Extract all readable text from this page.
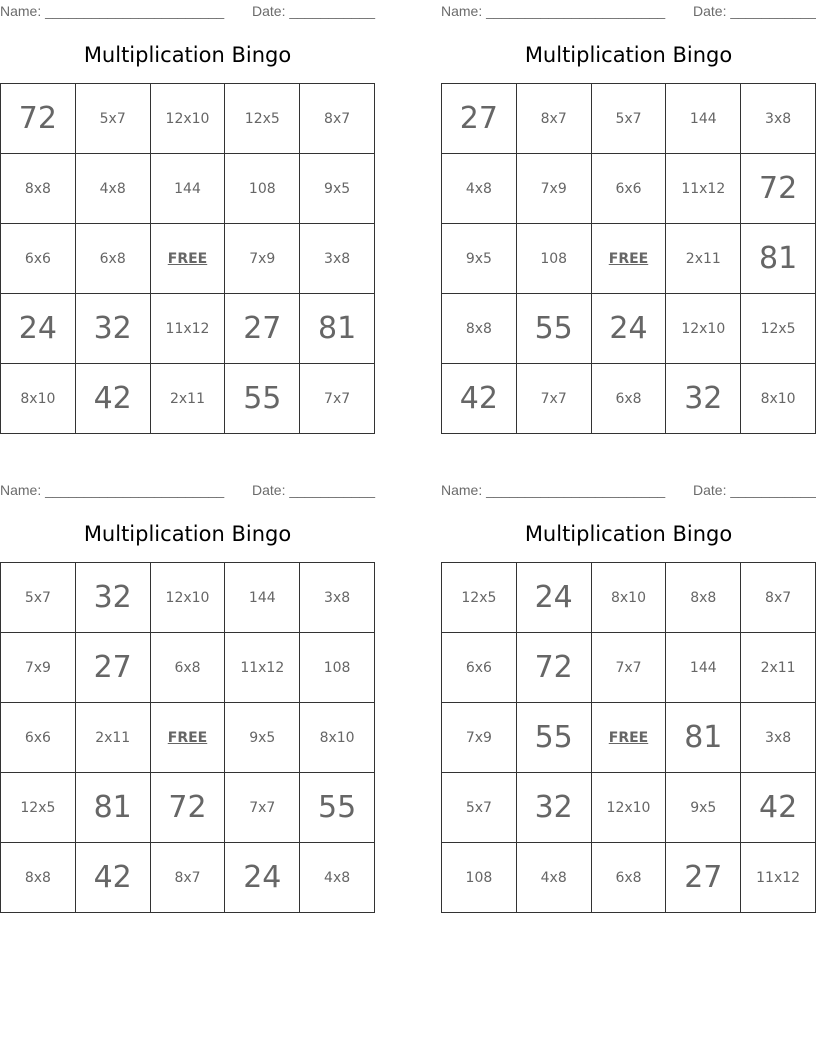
Name: _______________________ Date: ___________
Multiplication Bingo
72	5x7	12x10	12x5	8x7
8x8	4x8	144	108	9x5
6x6	6x8	FREE	7x9	3x8
24	32	11x12	27	81
8x10	42	2x11	55	7x7
Name: _______________________ Date: ___________
Multiplication Bingo
27	8x7	5x7	144	3x8
4x8	7x9	6x6	11x12	72
9x5	108	FREE	2x11	81
8x8	55	24	12x10	12x5
42	7x7	6x8	32	8x10
Name: _______________________ Date: ___________
Multiplication Bingo
5x7	32	12x10	144	3x8
7x9	27	6x8	11x12	108
6x6	2x11	FREE	9x5	8x10
12x5	81	72	7x7	55
8x8	42	8x7	24	4x8
Name: _______________________ Date: ___________
Multiplication Bingo
12x5	24	8x10	8x8	8x7
6x6	72	7x7	144	2x11
7x9	55	FREE	81	3x8
5x7	32	12x10	9x5	42
108	4x8	6x8	27	11x12
